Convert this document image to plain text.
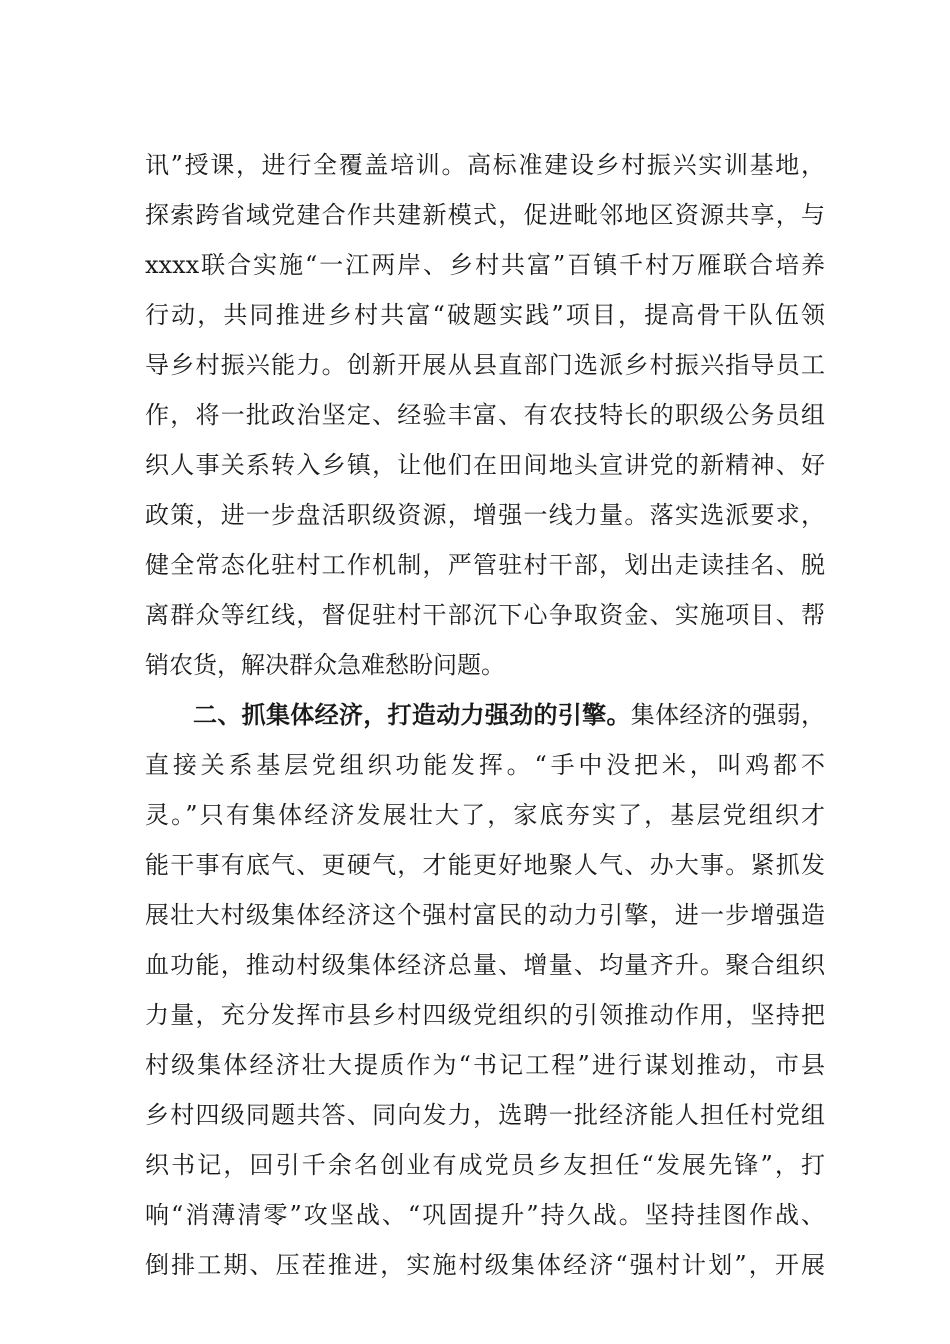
讯”授课，进行全覆盖培训。高标准建设乡村振兴实训基地，
探索跨省域党建合作共建新模式，促进毗邻地区资源共享，与
xxxx联合实施“一江两岸、乡村共富”百镇千村万雁联合培养
行动，共同推进乡村共富“破题实践”项目，提高骨干队伍领
导乡村振兴能力。创新开展从县直部门选派乡村振兴指导员工
作，将一批政治坚定、经验丰富、有农技特长的职级公务员组
织人事关系转入乡镇，让他们在田间地头宣讲党的新精神、好
政策，进一步盘活职级资源，增强一线力量。落实选派要求，
健全常态化驻村工作机制，严管驻村干部，划出走读挂名、脱
离群众等红线，督促驻村干部沉下心争取资金、实施项目、帮
销农货，解决群众急难愁盼问题。
二、抓集体经济，打造动力强劲的引擎。集体经济的强弱，
直接关系基层党组织功能发挥。“手中没把米，叫鸡都不
灵。”只有集体经济发展壮大了，家底夯实了，基层党组织才
能干事有底气、更硬气，才能更好地聚人气、办大事。紧抓发
展壮大村级集体经济这个强村富民的动力引擎，进一步增强造
血功能，推动村级集体经济总量、增量、均量齐升。聚合组织
力量，充分发挥市县乡村四级党组织的引领推动作用，坚持把
村级集体经济壮大提质作为“书记工程”进行谋划推动，市县
乡村四级同题共答、同向发力，选聘一批经济能人担任村党组
织书记，回引千余名创业有成党员乡友担任“发展先锋”，打
响“消薄清零”攻坚战、“巩固提升”持久战。坚持挂图作战、
倒排工期、压茬推进，实施村级集体经济“强村计划”，开展
